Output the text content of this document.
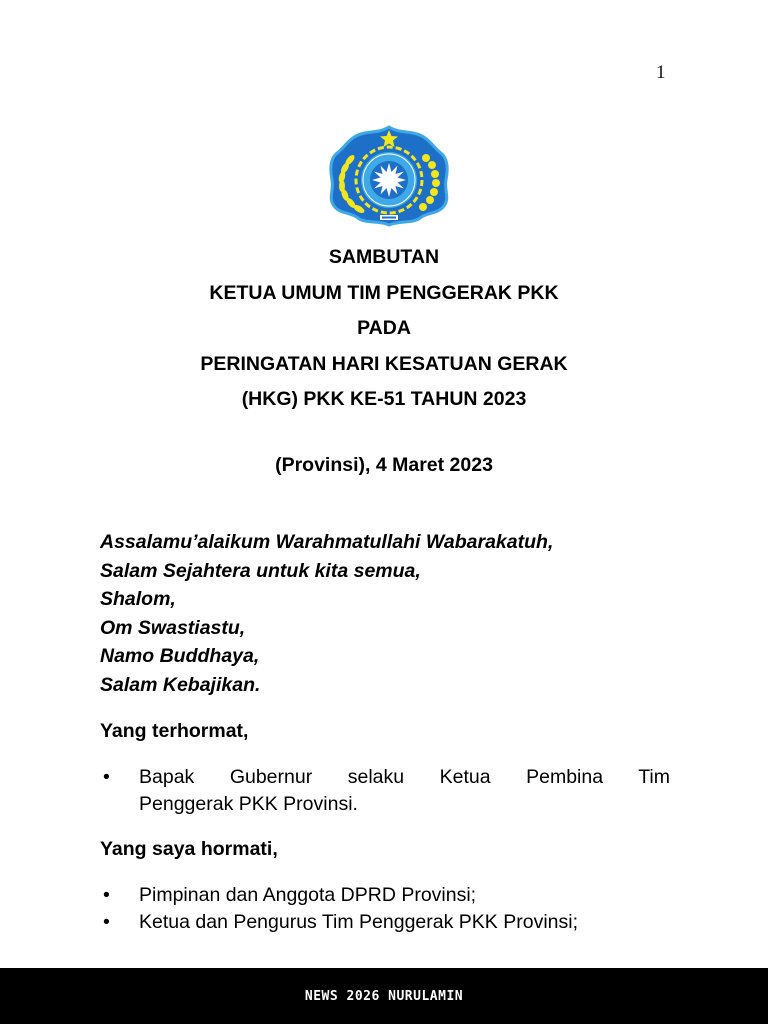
1
SAMBUTAN
KETUA UMUM TIM PENGGERAK PKK
PADA
PERINGATAN HARI KESATUAN GERAK
(HKG) PKK KE-51 TAHUN 2023
(Provinsi), 4 Maret 2023
Assalamu’alaikum Warahmatullahi Wabarakatuh,
Salam Sejahtera untuk kita semua,
Shalom,
Om Swastiastu,
Namo Buddhaya,
Salam Kebajikan.
Yang terhormat,
• Bapak Gubernur selaku Ketua Pembina Tim
Penggerak PKK Provinsi.
Yang saya hormati,
• Pimpinan dan Anggota DPRD Provinsi;
• Ketua dan Pengurus Tim Penggerak PKK Provinsi;
NEWS 2026 NURULAMIN
